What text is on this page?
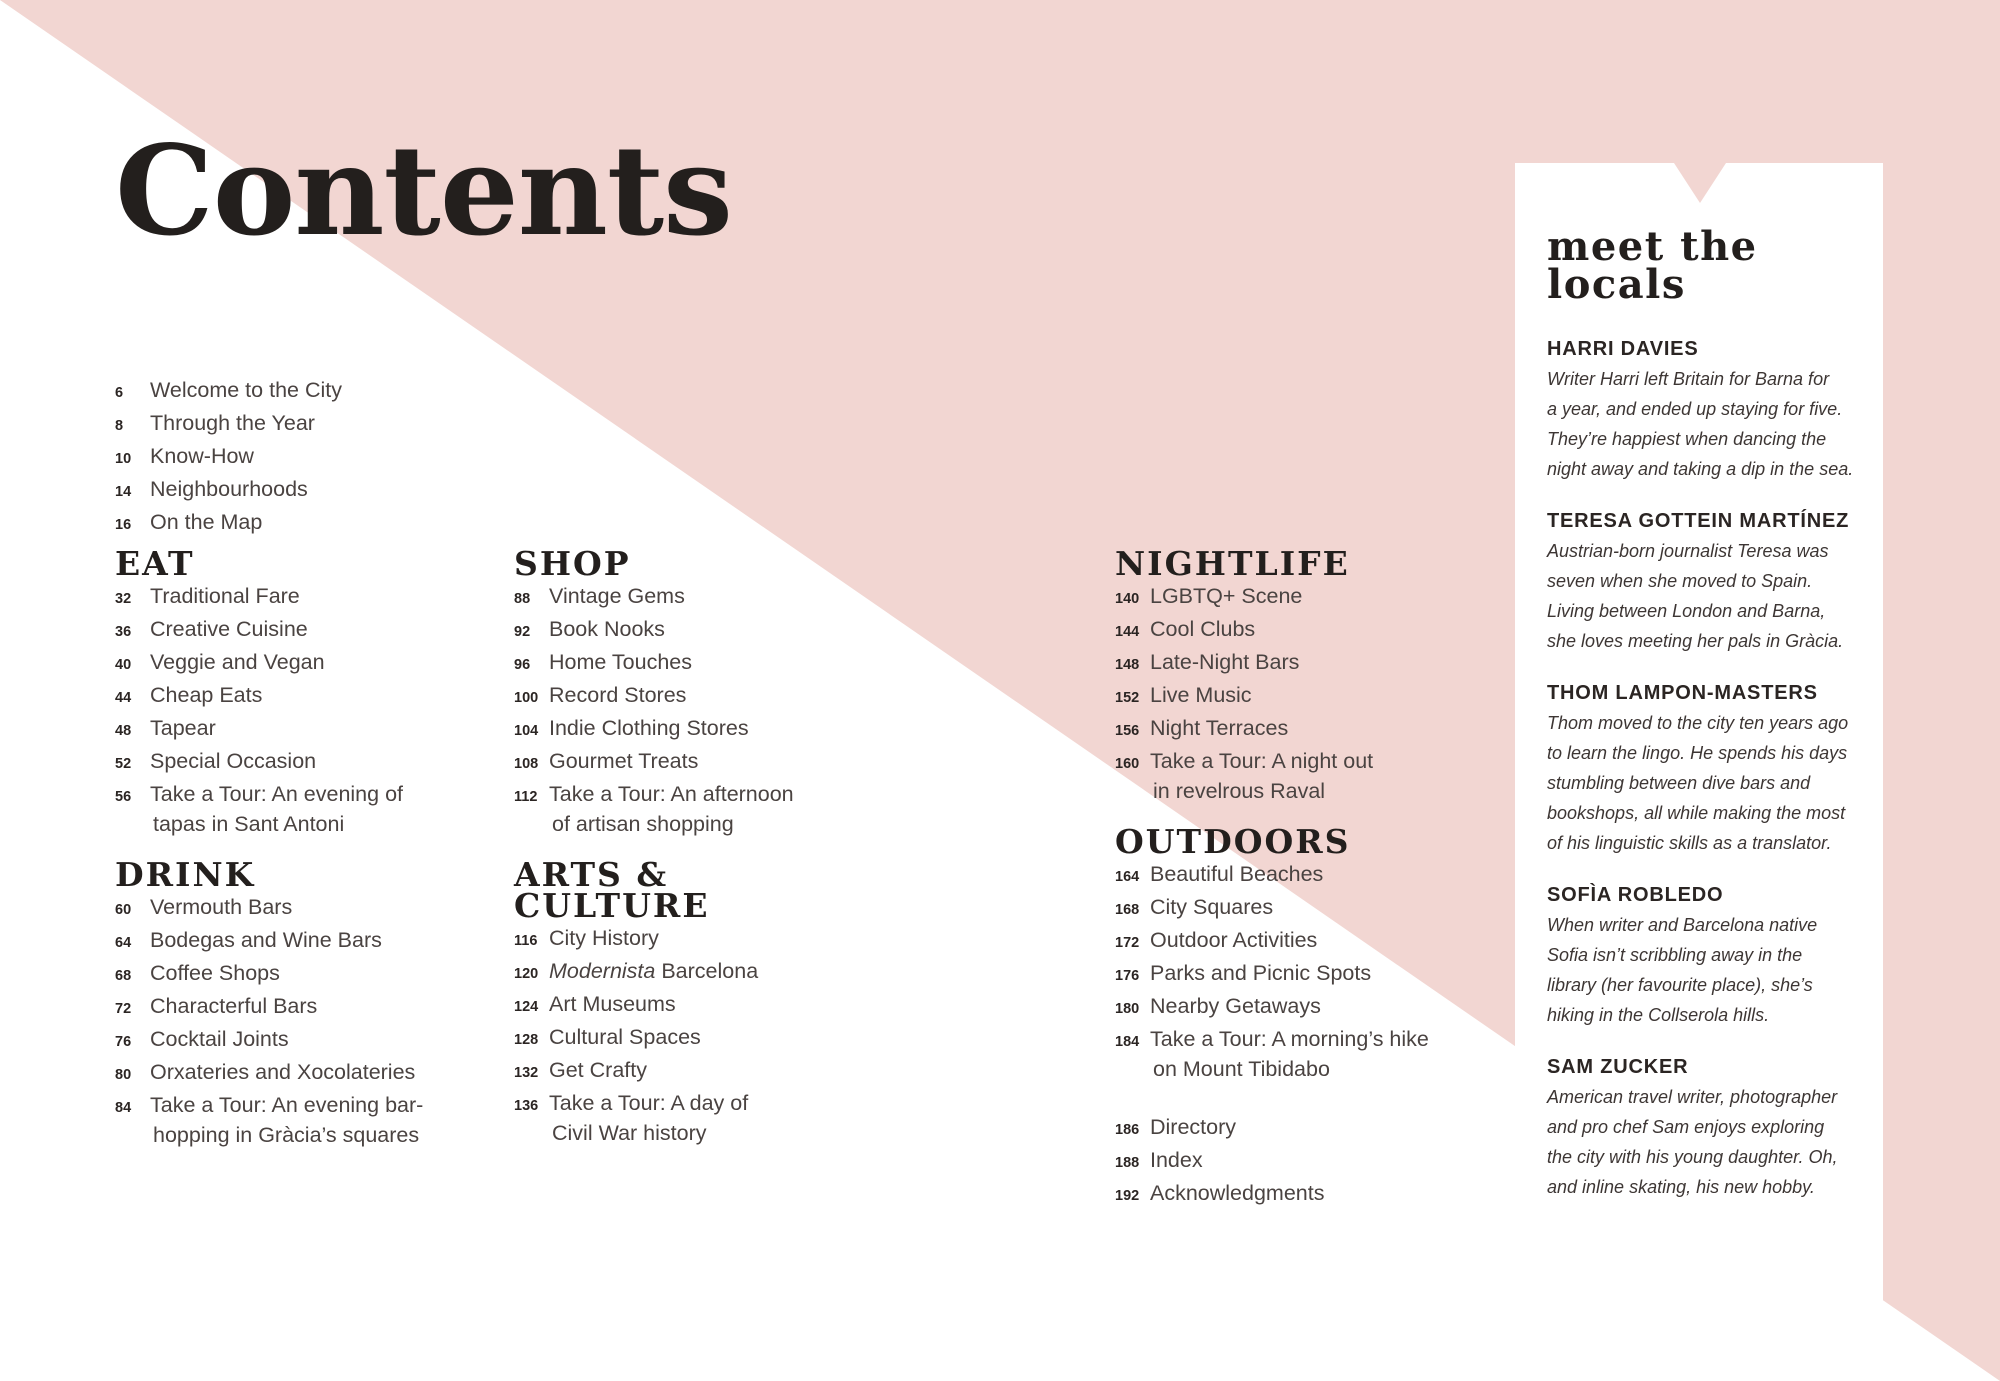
Contents
6	Welcome to the City
8	Through the Year
10 Know-How
14 Neighbourhoods
16 On the Map
EAT
32 Traditional Fare
36 Creative Cuisine
40 Veggie and Vegan
44 Cheap Eats
48 Tapear
52 Special Occasion
56 Take a Tour: An evening of
tapas in Sant Antoni
DRINK
60 Vermouth Bars
64 Bodegas and Wine Bars
68 Coffee Shops
72 Characterful Bars
76 Cocktail Joints
80 Orxateries and Xocolateries
84 Take a Tour: An evening bar-
hopping in Gràcia’s squares
SHOP
88 Vintage Gems
92 Book Nooks
96 Home Touches
100 Record Stores
104 Indie Clothing Stores
108 Gourmet Treats
112 Take a Tour: An afternoon
of artisan shopping
ARTS &
CULTURE
116 City History
120 Modernista Barcelona
124 Art Museums
128 Cultural Spaces
132 Get Crafty
136 Take a Tour: A day of
Civil War history
NIGHTLIFE
140 LGBTQ+ Scene
144 Cool Clubs
148 Late-Night Bars
152 Live Music
156 Night Terraces
160 Take a Tour: A night out
in revelrous Raval
OUTDOORS
164 Beautiful Beaches
168 City Squares
172 Outdoor Activities
176 Parks and Picnic Spots
180 Nearby Getaways
184 Take a Tour: A morning’s hike
on Mount Tibidabo
186 Directory
188 Index
192 Acknowledgments
meet the
locals

HARRI DAVIES

Writer Harri left Britain for Barna for
a year, and ended up staying for five.
They’re happiest when dancing the
night away and taking a dip in the sea.

TERESA GOTTEIN MARTÍNEZ

Austrian-born journalist Teresa was
seven when she moved to Spain.
Living between London and Barna,
she loves meeting her pals in Gràcia.

THOM LAMPON-MASTERS

Thom moved to the city ten years ago
to learn the lingo. He spends his days
stumbling between dive bars and
bookshops, all while making the most
of his linguistic skills as a translator.

SOFÌA ROBLEDO

When writer and Barcelona native
Sofia isn’t scribbling away in the
library (her favourite place), she’s
hiking in the Collserola hills.

SAM ZUCKER

American travel writer, photographer
and pro chef Sam enjoys exploring
the city with his young daughter. Oh,
and inline skating, his new hobby.
